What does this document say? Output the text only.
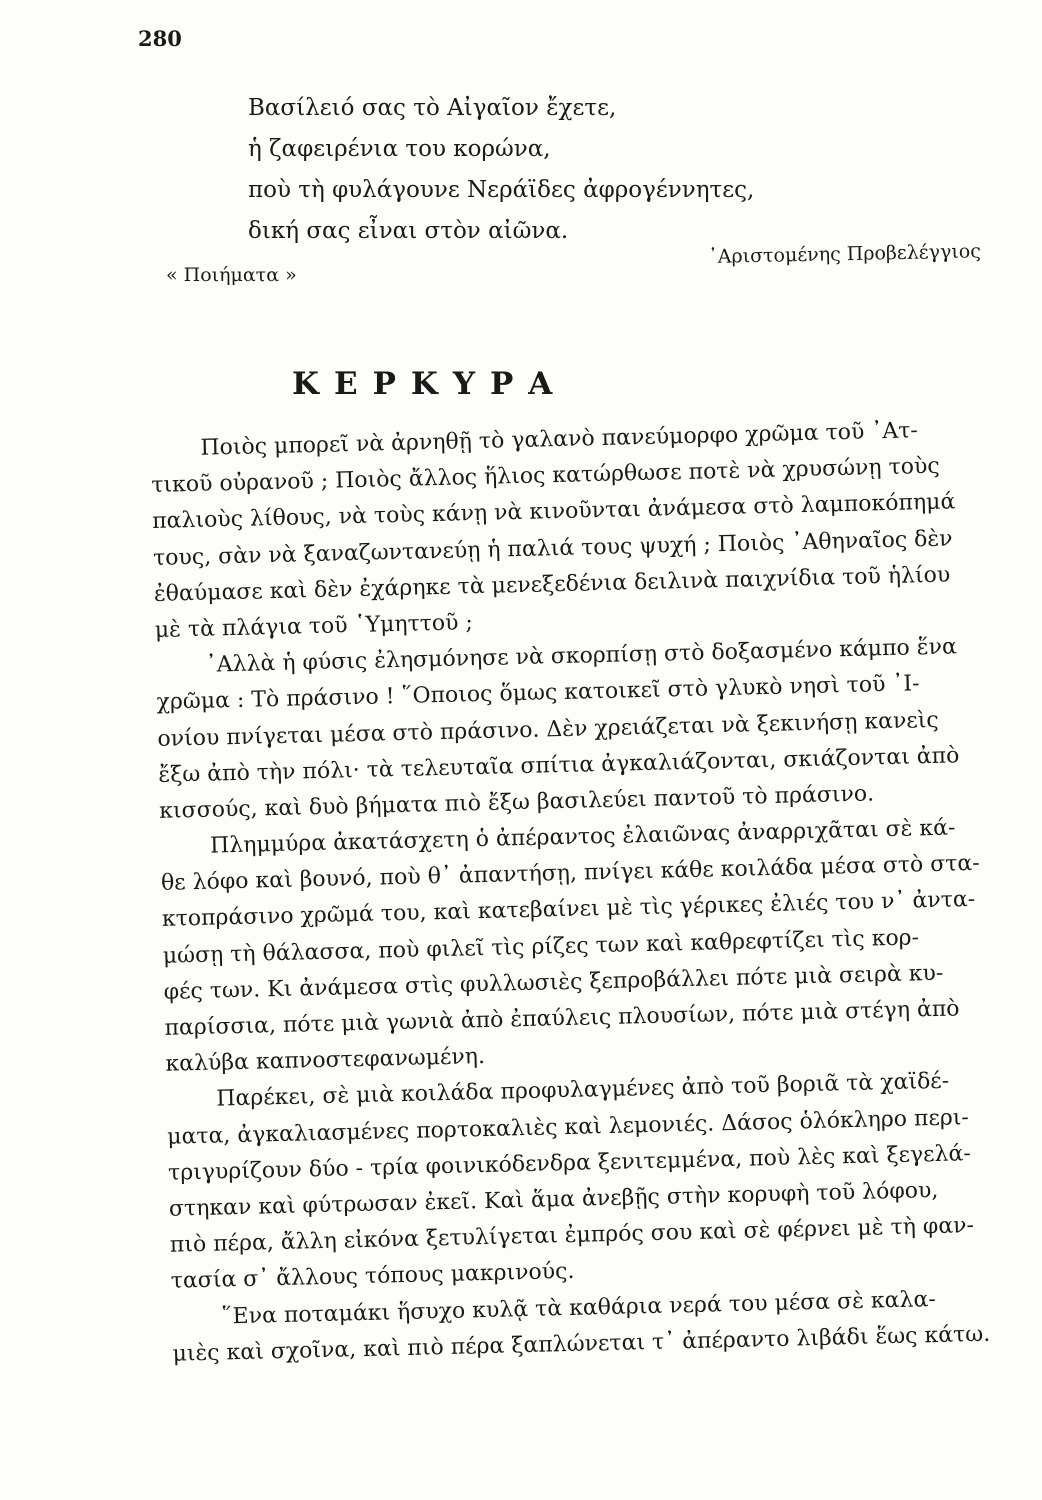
280
Βασίλειό σας τὸ Αἰγαῖον ἔχετε,
ἡ ζαφειρένια του κορώνα,
ποὺ τὴ φυλάγουνε Νεράϊδες ἀφρογέννητες,
δική σας εἶναι στὸν αἰῶνα.
« Ποιήματα »
᾿Αριστομένης Προβελέγγιος
ΚΕΡΚΥΡΑ
Ποιὸς μπορεῖ νὰ ἀρνηθῇ τὸ γαλανὸ πανεύμορφο χρῶμα τοῦ ᾿Ατ-
τικοῦ οὐρανοῦ ; Ποιὸς ἄλλος ἥλιος κατώρθωσε ποτὲ νὰ χρυσώνῃ τοὺς
παλιοὺς λίθους, νὰ τοὺς κάνῃ νὰ κινοῦνται ἀνάμεσα στὸ λαμποκόπημά
τους, σὰν νὰ ξαναζωντανεύῃ ἡ παλιά τους ψυχή ; Ποιὸς ᾿Αθηναῖος δὲν
ἐθαύμασε καὶ δὲν ἐχάρηκε τὰ μενεξεδένια δειλινὰ παιχνίδια τοῦ ἡλίου
μὲ τὰ πλάγια τοῦ ῾Υμηττοῦ ;
᾿Αλλὰ ἡ φύσις ἐλησμόνησε νὰ σκορπίσῃ στὸ δοξασμένο κάμπο ἕνα
χρῶμα : Τὸ πράσινο ! ῞Οποιος ὅμως κατοικεῖ στὸ γλυκὸ νησὶ τοῦ ᾿Ι-
ονίου πνίγεται μέσα στὸ πράσινο. Δὲν χρειάζεται νὰ ξεκινήσῃ κανεὶς
ἔξω ἀπὸ τὴν πόλι· τὰ τελευταῖα σπίτια ἀγκαλιάζονται, σκιάζονται ἀπὸ
κισσούς, καὶ δυὸ βήματα πιὸ ἔξω βασιλεύει παντοῦ τὸ πράσινο.
Πλημμύρα ἀκατάσχετη ὁ ἀπέραντος ἐλαιῶνας ἀναρριχᾶται σὲ κά-
θε λόφο καὶ βουνό, ποὺ θ᾿ ἀπαντήσῃ, πνίγει κάθε κοιλάδα μέσα στὸ στα-
κτοπράσινο χρῶμά του, καὶ κατεβαίνει μὲ τὶς γέρικες ἐλιές του ν᾿ ἀντα-
μώσῃ τὴ θάλασσα, ποὺ φιλεῖ τὶς ρίζες των καὶ καθρεφτίζει τὶς κορ-
φές των. Κι ἀνάμεσα στὶς φυλλωσιὲς ξεπροβάλλει πότε μιὰ σειρὰ κυ-
παρίσσια, πότε μιὰ γωνιὰ ἀπὸ ἐπαύλεις πλουσίων, πότε μιὰ στέγη ἀπὸ
καλύβα καπνοστεφανωμένη.
Παρέκει, σὲ μιὰ κοιλάδα προφυλαγμένες ἀπὸ τοῦ βοριᾶ τὰ χαϊδέ-
ματα, ἀγκαλιασμένες πορτοκαλιὲς καὶ λεμονιές. Δάσος ὁλόκληρο περι-
τριγυρίζουν δύο - τρία φοινικόδενδρα ξενιτεμμένα, ποὺ λὲς καὶ ξεγελά-
στηκαν καὶ φύτρωσαν ἐκεῖ. Καὶ ἅμα ἀνεβῇς στὴν κορυφὴ τοῦ λόφου,
πιὸ πέρα, ἄλλη εἰκόνα ξετυλίγεται ἐμπρός σου καὶ σὲ φέρνει μὲ τὴ φαν-
τασία σ᾿ ἄλλους τόπους μακρινούς.
῞Ενα ποταμάκι ἥσυχο κυλᾷ τὰ καθάρια νερά του μέσα σὲ καλα-
μιὲς καὶ σχοῖνα, καὶ πιὸ πέρα ξαπλώνεται τ᾿ ἀπέραντο λιβάδι ἕως κάτω.
